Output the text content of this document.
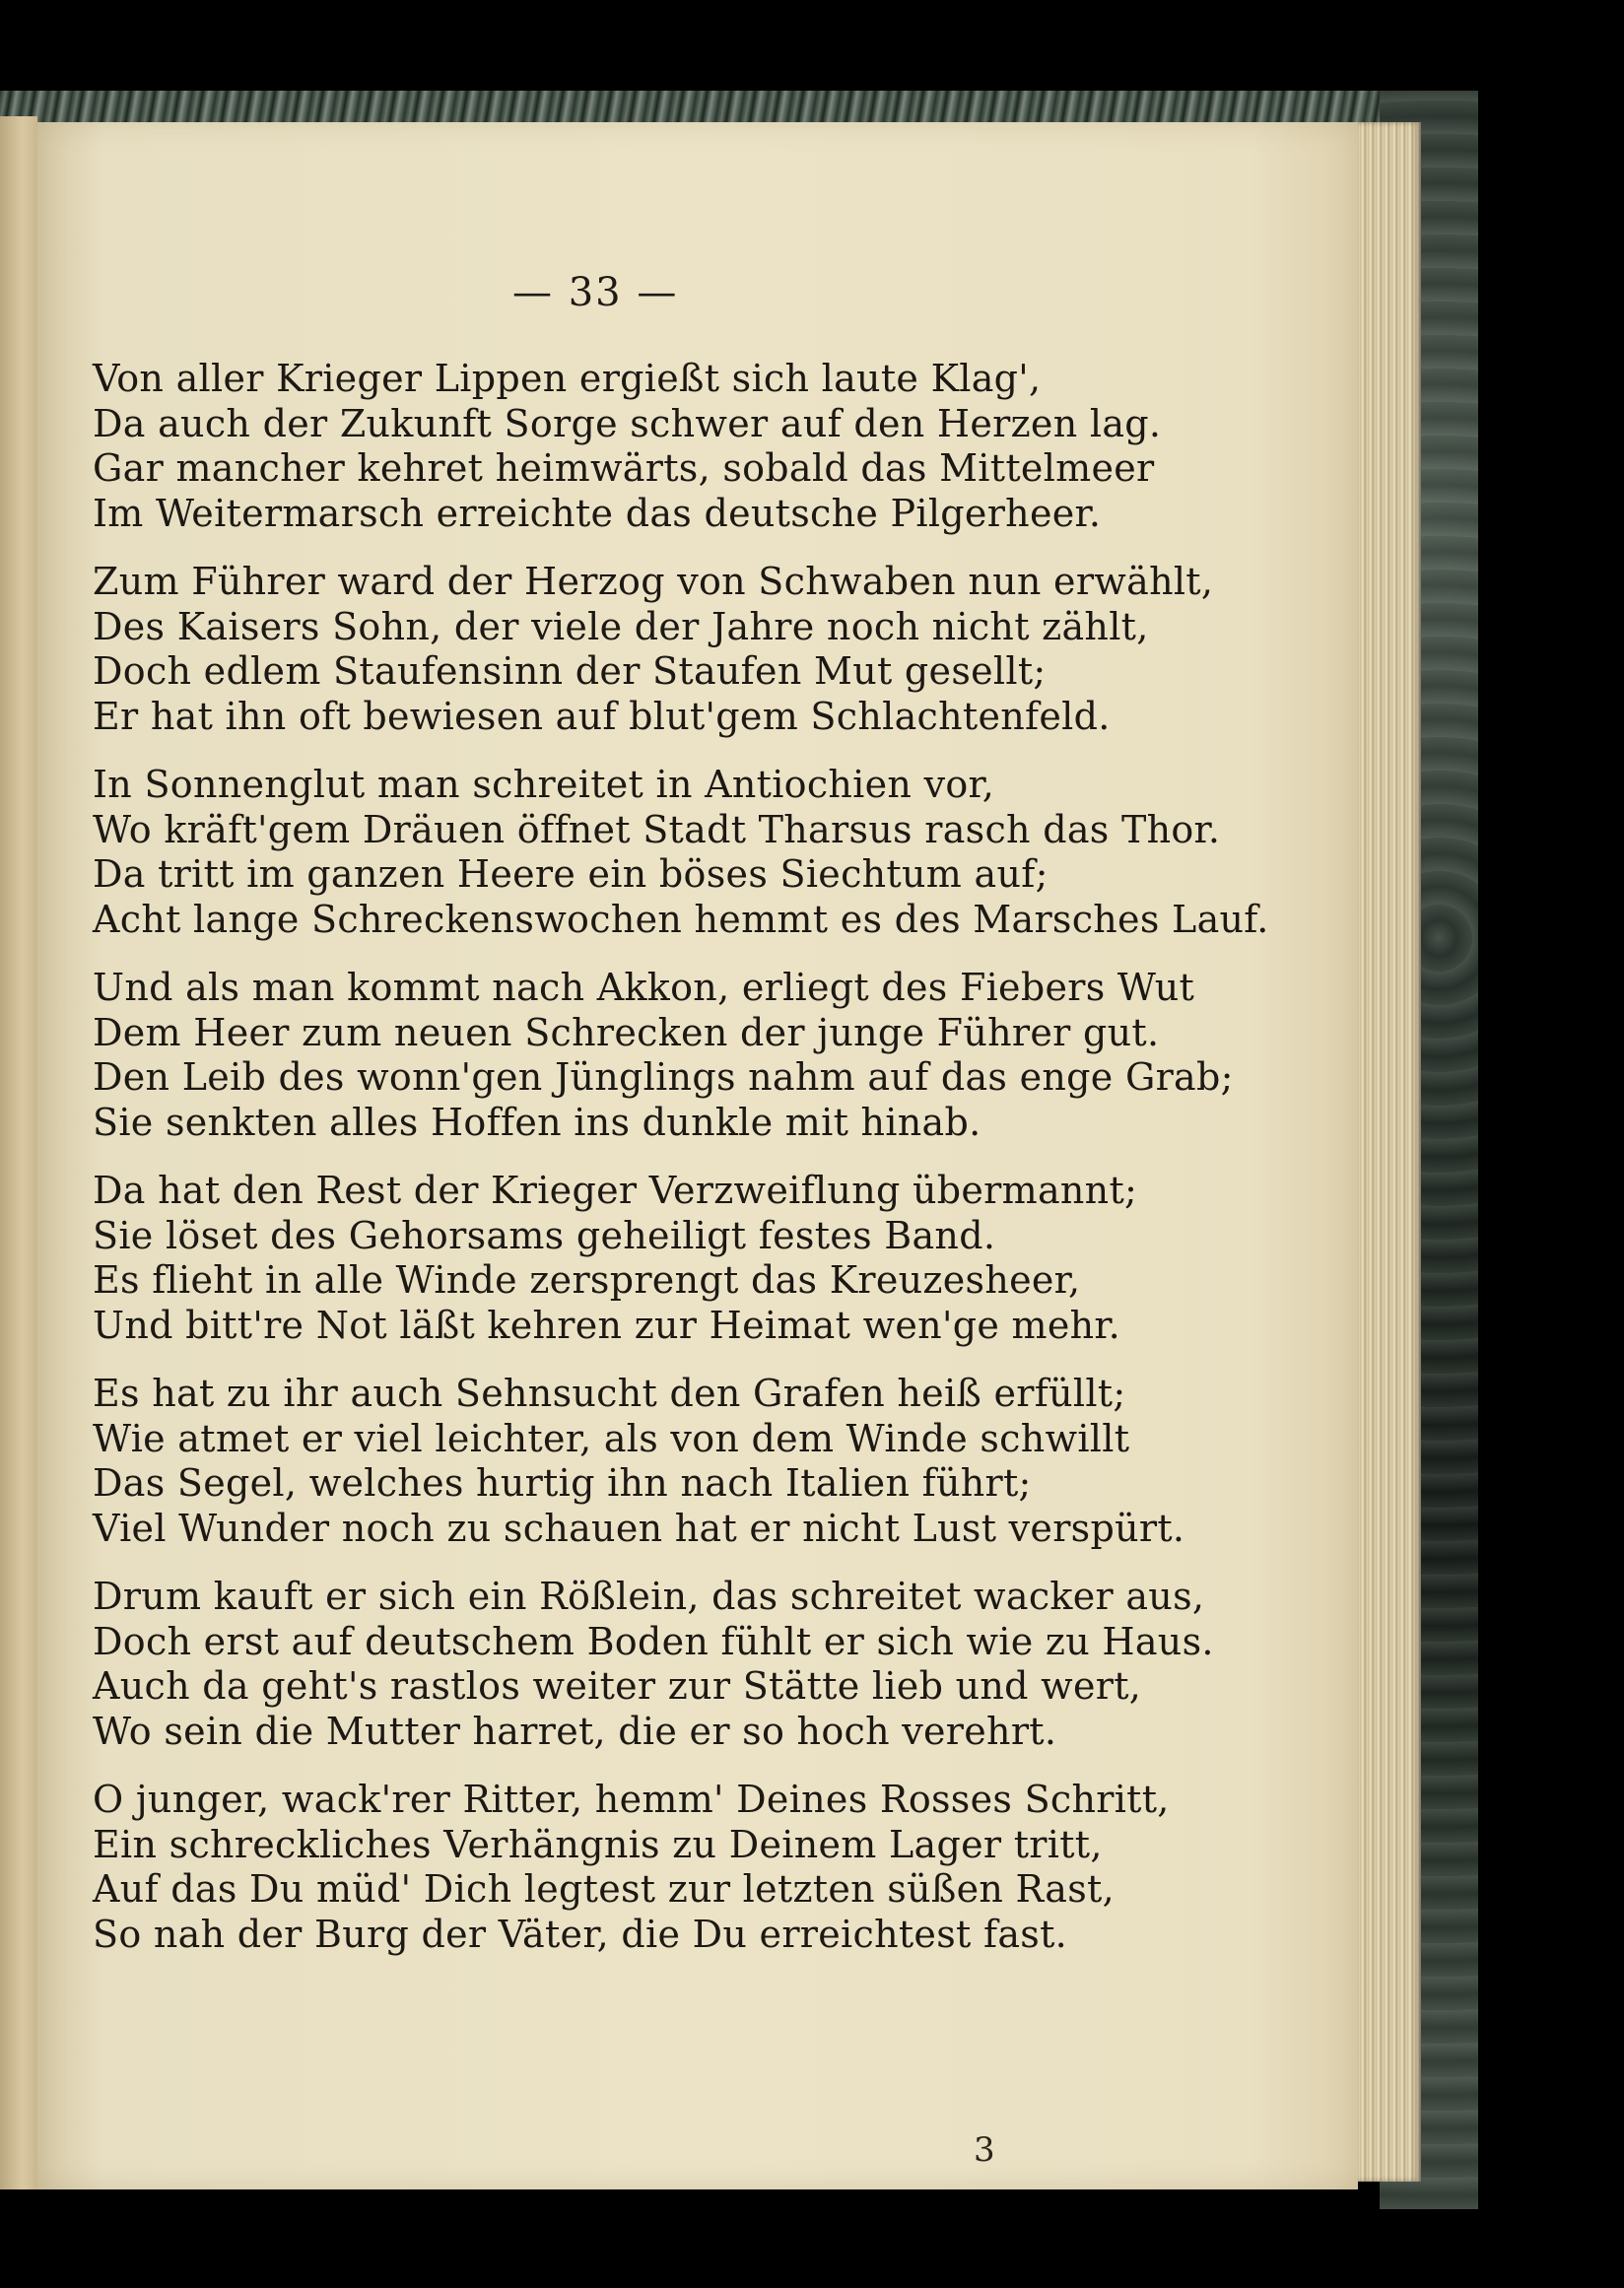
— 33 —
Von aller Krieger Lippen ergießt sich laute Klag',
Da auch der Zukunft Sorge schwer auf den Herzen lag.
Gar mancher kehret heimwärts, sobald das Mittelmeer
Im Weitermarsch erreichte das deutsche Pilgerheer.
Zum Führer ward der Herzog von Schwaben nun erwählt,
Des Kaisers Sohn, der viele der Jahre noch nicht zählt,
Doch edlem Staufensinn der Staufen Mut gesellt;
Er hat ihn oft bewiesen auf blut'gem Schlachtenfeld.
In Sonnenglut man schreitet in Antiochien vor,
Wo kräft'gem Dräuen öffnet Stadt Tharsus rasch das Thor.
Da tritt im ganzen Heere ein böses Siechtum auf;
Acht lange Schreckenswochen hemmt es des Marsches Lauf.
Und als man kommt nach Akkon, erliegt des Fiebers Wut
Dem Heer zum neuen Schrecken der junge Führer gut.
Den Leib des wonn'gen Jünglings nahm auf das enge Grab;
Sie senkten alles Hoffen ins dunkle mit hinab.
Da hat den Rest der Krieger Verzweiflung übermannt;
Sie löset des Gehorsams geheiligt festes Band.
Es flieht in alle Winde zersprengt das Kreuzesheer,
Und bitt're Not läßt kehren zur Heimat wen'ge mehr.
Es hat zu ihr auch Sehnsucht den Grafen heiß erfüllt;
Wie atmet er viel leichter, als von dem Winde schwillt
Das Segel, welches hurtig ihn nach Italien führt;
Viel Wunder noch zu schauen hat er nicht Lust verspürt.
Drum kauft er sich ein Rößlein, das schreitet wacker aus,
Doch erst auf deutschem Boden fühlt er sich wie zu Haus.
Auch da geht's rastlos weiter zur Stätte lieb und wert,
Wo sein die Mutter harret, die er so hoch verehrt.
O junger, wack'rer Ritter, hemm' Deines Rosses Schritt,
Ein schreckliches Verhängnis zu Deinem Lager tritt,
Auf das Du müd' Dich legtest zur letzten süßen Rast,
So nah der Burg der Väter, die Du erreichtest fast.
3
